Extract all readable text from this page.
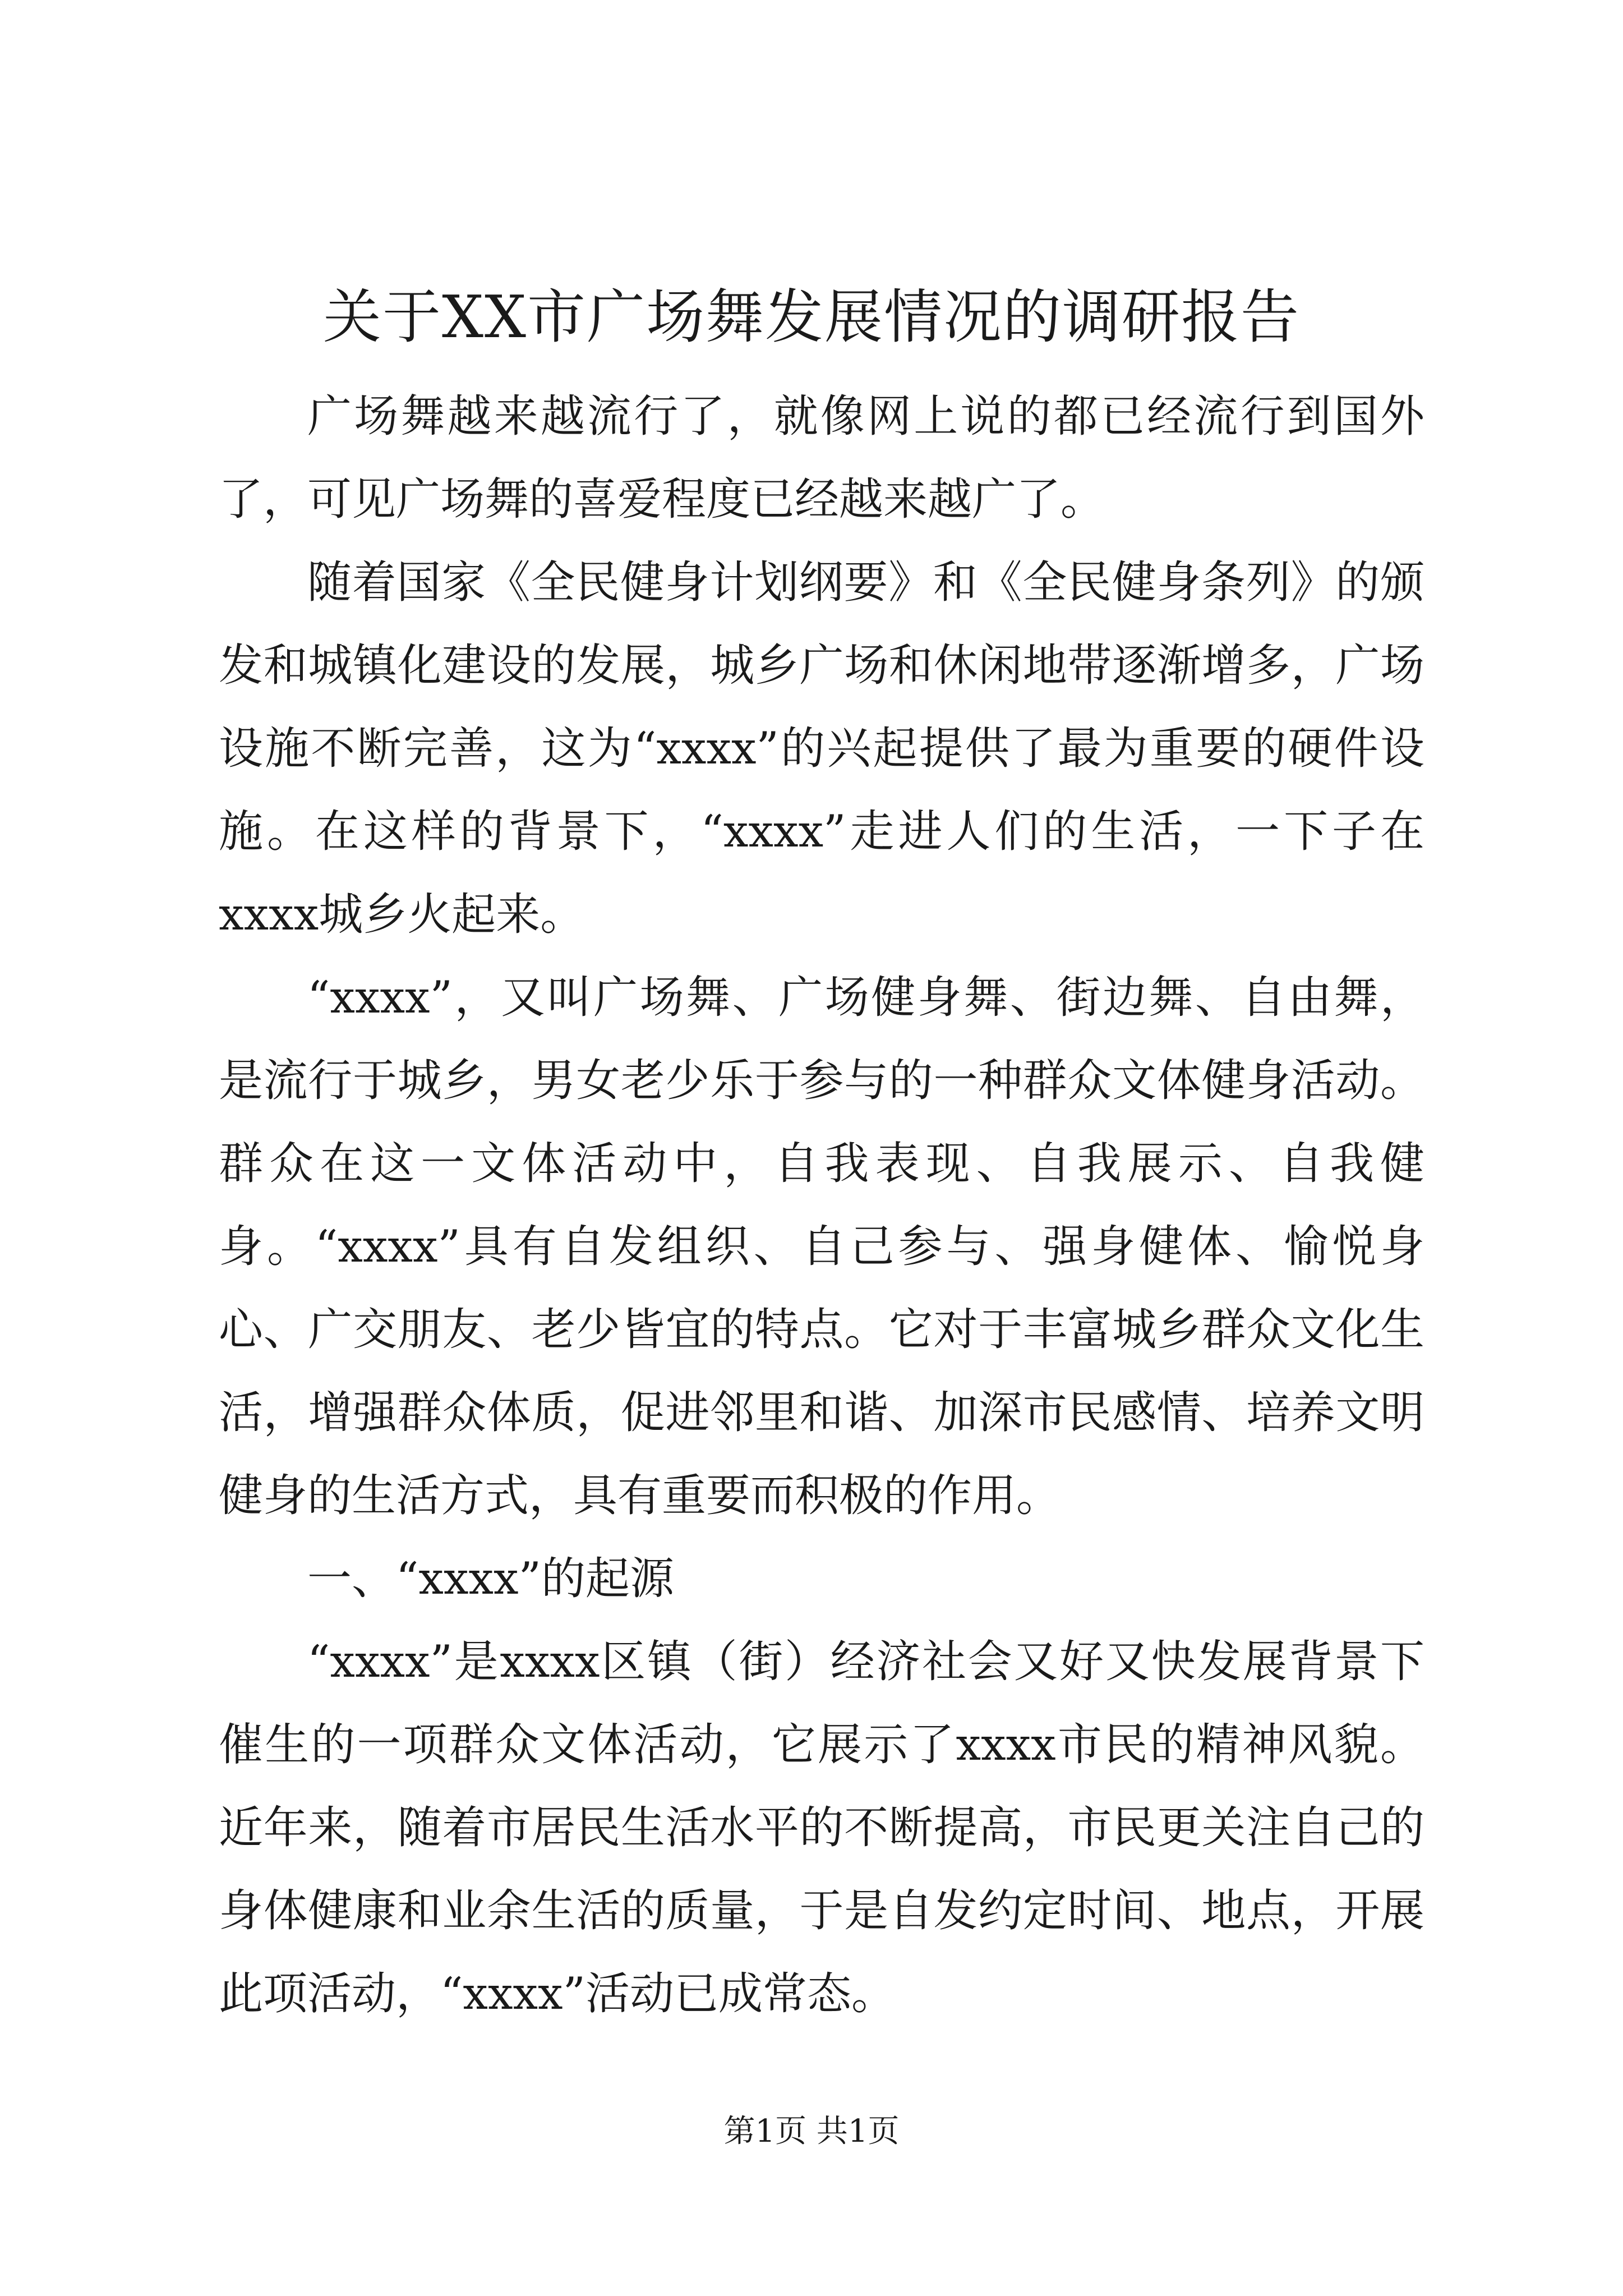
关于XX市广场舞发展情况的调研报告

广场舞越来越流行了，就像网上说的都已经流行到国外了，可见广场舞的喜爱程度已经越来越广了。

随着国家《全民健身计划纲要》和《全民健身条列》的颁发和城镇化建设的发展，城乡广场和休闲地带逐渐增多，广场设施不断完善，这为“xxxx”的兴起提供了最为重要的硬件设施。在这样的背景下，“xxxx”走进人们的生活，一下子在xxxx城乡火起来。

“xxxx”，又叫广场舞、广场健身舞、街边舞、自由舞，是流行于城乡，男女老少乐于参与的一种群众文体健身活动。群众在这一文体活动中，自我表现、自我展示、自我健身。“xxxx”具有自发组织、自己参与、强身健体、愉悦身心、广交朋友、老少皆宜的特点。它对于丰富城乡群众文化生活，增强群众体质，促进邻里和谐、加深市民感情、培养文明健身的生活方式，具有重要而积极的作用。

一、“xxxx”的起源

“xxxx”是xxxx区镇（街）经济社会又好又快发展背景下催生的一项群众文体活动，它展示了xxxx市民的精神风貌。近年来，随着市居民生活水平的不断提高，市民更关注自己的身体健康和业余生活的质量，于是自发约定时间、地点，开展此项活动，“xxxx”活动已成常态。

第1页 共1页
